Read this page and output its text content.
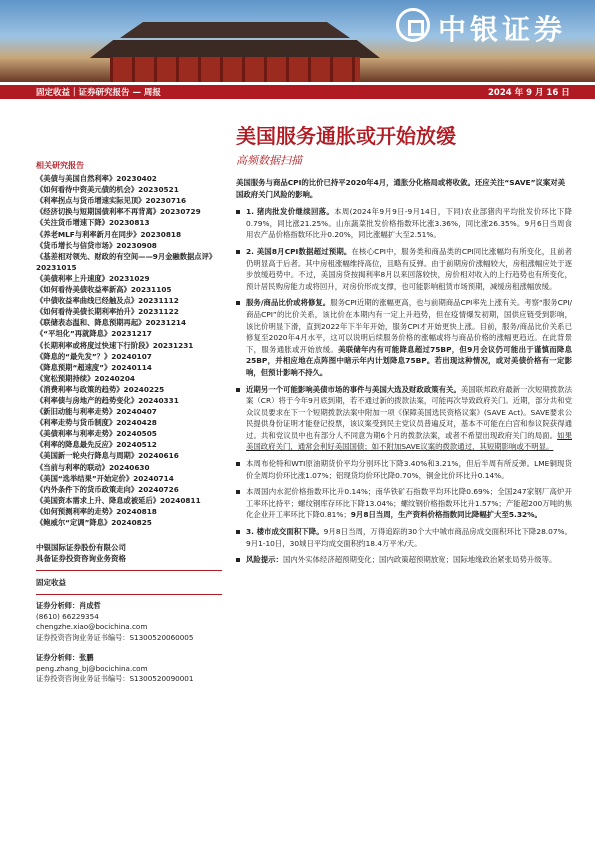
中银证券
固定收益｜证券研究报告 — 周报	2024 年 9 月 16 日
美国服务通胀或开始放缓
高频数据扫描
相关研究报告
《美债与美国自然利率》20230402
《如何看待中资美元债的机会》20230521
《利率拐点与货币增速实际见顶》20230716
《经济切换与短期国债利率不再背离》20230729
《关注货币增速下降》20230813
《养老MLF与利率新月在同步》20230818
《货币增长与信贷市场》20230908
《基差相对领先、财政的有空间——9月金融数据点评》20231015
《美债利率上升速度》20231029
《如何看待美债收益率新高》20231105
《中债收益率曲线已经触及点》20231112
《如何看待美债长期利率抬升》20231122
《联储表态温和、降息预期再起》20231214
《“平坦化”再就降息》20231217
《长期利率或将度过快速下行阶段》20231231
《降息的“最先发”？》20240107
《降息预期“超速度”》20240114
《宽松预期持续》20240204
《消费利率与政策的趋势》20240225
《利率债与房地产的趋势变化》20240331
《新旧动能与利率走势》20240407
《利率走势与货币制度》20240428
《美债利率与利率走势》20240505
《利率的降息最先反应》20240512
《美国新一轮央行降息与周期》20240616
《当前与利率的联动》20240630
《美国“选举结果”开始定价》20240714
《内外条件下的货币政策走向》20240726
《美国资本需求上升、降息或被延后》20240811
《如何预测利率的走势》20240818
《鲍威尔“定调”降息》20240825
中银国际证券股份有限公司
具备证券投资咨询业务资格
固定收益
证券分析师：肖成哲
(8610) 66229354
chengzhe.xiao@bocichina.com
证券投资咨询业务证书编号：S1300520060005
证券分析师：张鹏
peng.zhang_bj@bocichina.com
证券投资咨询业务证书编号：S1300520090001
美国服务与商品CPI的比价已持平2020年4月，通胀分化格局或将收敛。还应关注“SAVE”议案对美国政府关门风险的影响。
1. 猪肉批发价继续回落。本周(2024年9月9日-9月14日，下同)农业部猪肉平均批发价环比下降0.79%，同比涨21.25%。山东蔬菜批发价格指数环比涨3.36%，同比涨26.35%。9月6日当周食用农产品价格指数环比升0.20%，同比涨幅扩大至2.51%。
2. 美国8月CPI数据超过预期。在核心CPI中，服务类和商品类的CPI同比涨幅均有所变化，且前者仍明显高于后者。其中房租涨幅维持高位，且略有反弹。由于前期房价涨幅较大，房租涨幅应处于逐步放缓趋势中。不过，美国房贷按揭利率8月以来回落较快，房价相对收入的上行趋势也有所变化，预计居民购房能力或将回升，对房价形成支撑，也可能影响租赁市场预期，减缓房租涨幅放缓。
服务/商品比价或将修复。服务CPI近期的涨幅更高，也与前期商品CPI率先上涨有关。考察“服务CPI/商品CPI”的比价关系，该比价在本期内有一定上升趋势，但在疫情爆发初期，国供应链受到影响，该比价明显下滑，直到2022年下半年开始，服务CPI才开始更快上涨。目前，服务/商品比价关系已修复至2020年4月水平，这可以说明后续服务价格的涨幅或将与商品价格的涨幅更趋近。在此背景下，服务通胀或开始放缓。美联储年内有可能降息超过75BP，但9月会议仍可能出于谨慎而降息25BP，并相应地在点阵图中暗示年内计划降息75BP。若出现这种情况，或对美债价格有一定影响，但预计影响不持久。
近期另一个可能影响美债市场的事件与美国大选及财政政策有关。美国联邦政府最新一次短期拨款法案（CR）将于今年9月底到期，若不通过新的拨款法案，可能再次导致政府关门。近期，部分共和党众议员要求在下一个短期拨款法案中附加一项《保障美国选民资格议案》(SAVE Act)。SAVE要求公民提供身份证明才能登记投票，该议案受到民主党议员普遍反对，基本不可能在白宫和参议院获得通过。共和党议员中也有部分人不同意为期6个月的拨款法案，或者不希望出现政府关门的局面。如果美国政府关门，通常会利好美国国债；如不附加SAVE议案的拨款通过，其短期影响或不明显。
本周布伦特和WTI原油期货价平均分别环比下降3.40%和3.21%，但后半周有所反弹。LME铜现货价全周均价环比涨1.07%；铝现货均价环比降0.70%，铜金比价环比升0.14%。
本周国内水泥价格指数环比升0.14%；南华铁矿石指数平均环比降0.69%；全国247家钢厂高炉开工率环比持平；螺纹钢库存环比下降13.04%；螺纹钢价格指数环比升1.57%；产能超200万吨的焦化企业开工率环比下降0.81%；9月8日当周，生产资料价格指数同比降幅扩大至5.32%。
3. 楼市成交面积下降。9月8日当周，万得追踪的30个大中城市商品房成交面积环比下降28.07%。9月1-10日，30城日平均成交面积约18.4万平米/天。
风险提示：国内外实体经济超预期变化；国内政策超预期放宽；国际地缘政治紧张局势升级等。
